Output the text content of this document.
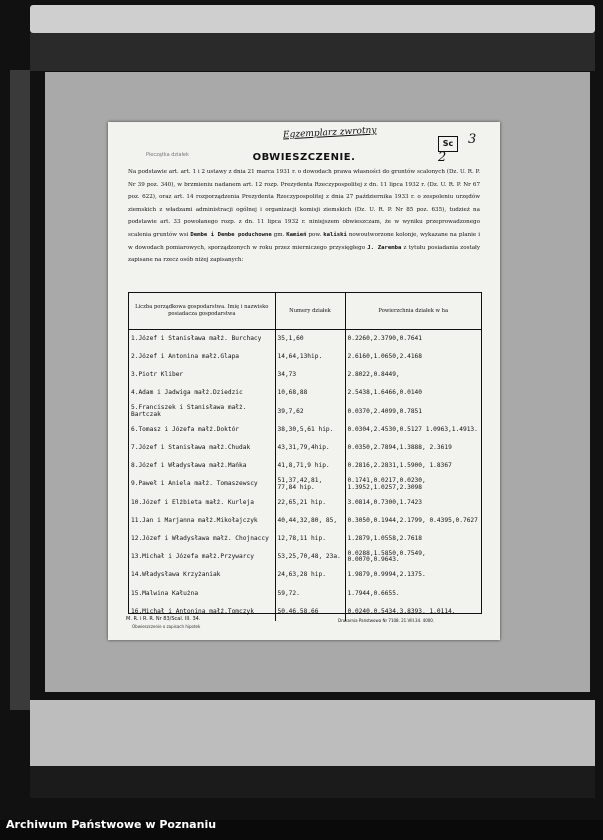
Egzemplarz zwrotny
Sc	3
2
Pieczątka działek	OBWIESZCZENIE.
Na podstawie art. art. 1 i 2 ustawy z dnia 21 marca 1931 r. o dowodach prawa własności do gruntów scalonych (Dz. U. R. P. Nr 39 poz. 340), w brzmieniu nadanem art. 12 rozp. Prezydenta Rzeczypospolitej z dn. 11 lipca 1932 r. (Dz. U. R. P. Nr 67 poz. 622), oraz art. 14 rozporządzenia Prezydenta Rzeczypospolitej z dnia 27 października 1933 r. o zespoleniu urzędów ziemskich z władzami administracji ogólnej i organizacji komisji ziemskich (Dz. U. R. P. Nr 85 poz. 635), tudzież na podstawie art. 33 powołanego rozp. z dn. 11 lipca 1932 r. niniejszem obwieszczam, że w wyniku przeprowadzonego scalenia gruntów wsi Dembe i Dembe poduchowne gm. Kamień pow. kaliski nowoutworzone kolonje, wykazane na planie i w dowodach pomiarowych, sporządzonych w roku przez mierniczego przysięgłego J. Zaremba z tytułu posiadania zostały zapisane na rzecz osób niżej zapisanych:
Liczba porządkowa gospodarstwa. Imię i nazwisko posiadacza gospodarstwa	Numery działek	Powierzchnia działek w ha
1.Józef i Stanisława małż. Burchacy	35,1,60	0.2260,2.3790,0.7641
2.Józef i Antonina małż.Glapa	14,64,13hip.	2.6160,1.0650,2.4168
3.Piotr Kliber	34,73	2.8022,0.8449,
4.Adam i Jadwiga małż.Dziedzic	10,68,88	2.5438,1.6466,0.0140
5.Franciszek i Stanisława małż. Bartczak	39,7,62	0.0370,2.4099,0.7851
6.Tomasz i Józefa małż.Doktór	38,30,5,61 hip.	0.0304,2.4530,0.5127 1.0963,1.4913.
7.Józef i Stanisława małż.Chudak	43,31,79,4hip.	0.0350,2.7894,1.3888, 2.3619
8.Józef i Władysława małż.Mańka	41,8,71,9 hip.	0.2816,2.2831,1.5900, 1.8367
9.Paweł i Aniela małż. Tomaszewscy	51,37,42,81, 77,84 hip.	0.1741,0.0217,0.0230, 1.3952,1.0257,2.3098
10.Józef i Elżbieta małż. Kurleja	22,65,21 hip.	3.0814,0.7300,1.7423
11.Jan i Marjanna małż.Mikołajczyk	40,44,32,80, 85,	0.3050,0.1944,2.1799, 0.4395,0.7627
12.Józef i Władysława małż. Chojnaccy	12,78,11 hip.	1.2879,1.0558,2.7618
13.Michał i Józefa małż.Przywarcy	53,25,70,48, 23a.	0.0288,1.5850,0.7549, 0.0070,0.9643.
14.Władysława Krzyżaniak	24,63,28 hip.	1.9879,0.9994,2.1375.
15.Malwina Kałużna	59,72.	1.7944,0.6655.
16.Michał i Antonina małż.Tomczyk	50,46,58,66	0.0240,0.5434,3.8393, 1.0114.
M. R. i R. R. Nr 83/Scal. III. 34.
Obwieszczenie o zapisach hipotek
Drukarnia Państwowa Nr 7108. 21.VIII.34. 4000.
Archiwum Państwowe w Poznaniu
